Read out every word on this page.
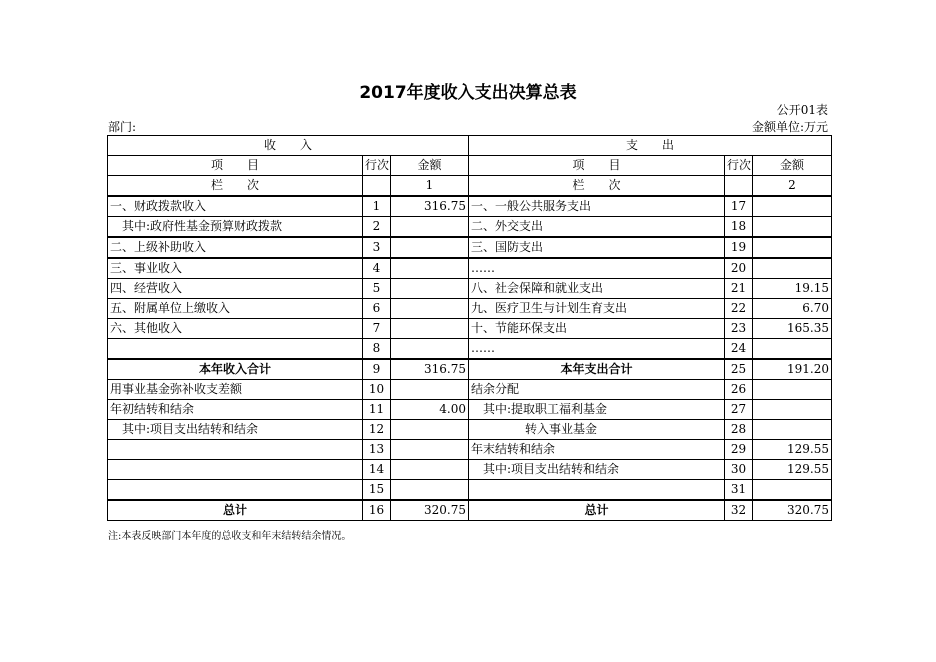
2017年度收入支出决算总表
公开01表
部门:	金额单位:万元
收　　入			支　　出		
项　　目	行次	金额	项　　目	行次	金额
栏　　次		1	栏　　次		2
一、财政拨款收入	1	316.75	一、一般公共服务支出	17	
其中:政府性基金预算财政拨款	2		二、外交支出	18	
二、上级补助收入	3		三、国防支出	19	
三、事业收入	4		……	20	
四、经营收入	5		八、社会保障和就业支出	21	19.15
五、附属单位上缴收入	6		九、医疗卫生与计划生育支出	22	6.70
六、其他收入	7		十、节能环保支出	23	165.35
	8		……	24	
本年收入合计	9	316.75	本年支出合计	25	191.20
用事业基金弥补收支差额	10		结余分配	26	
年初结转和结余	11	4.00	其中:提取职工福利基金	27	
其中:项目支出结转和结余	12		转入事业基金	28	
	13		年末结转和结余	29	129.55
	14		其中:项目支出结转和结余	30	129.55
	15			31	
总计	16	320.75	总计	32	320.75
注:本表反映部门本年度的总收支和年末结转结余情况。
